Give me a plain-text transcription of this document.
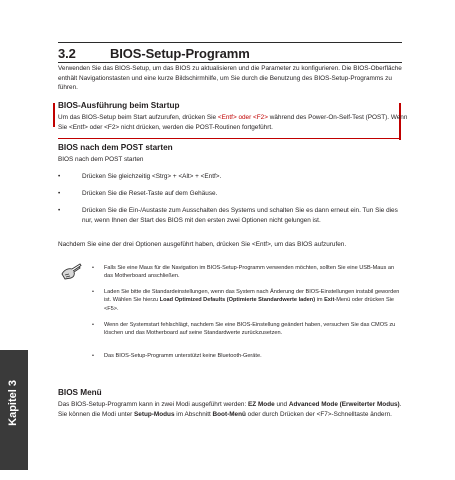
3.2	BIOS-Setup-Programm
Verwenden Sie das BIOS-Setup, um das BIOS zu aktualisieren und die Parameter zu konfigurieren. Die BIOS-Oberfläche enthält Navigationstasten und eine kurze Bildschirmhilfe, um Sie durch die Benutzung des BIOS-Setup-Programms zu führen.
BIOS-Ausführung beim Startup
Um das BIOS-Setup beim Start aufzurufen, drücken Sie <Entf> oder <F2> während des Power-On-Self-Test (POST). Wenn Sie <Entf> oder <F2> nicht drücken, werden die POST-Routinen fortgeführt.
BIOS nach dem POST starten
BIOS nach dem POST starten
•	Drücken Sie gleichzeitig <Strg> + <Alt> + <Entf>.
•	Drücken Sie die Reset-Taste auf dem Gehäuse.
•	Drücken Sie die Ein-/Austaste zum Ausschalten des Systems und schalten Sie es dann erneut ein. Tun Sie dies nur, wenn Ihnen der Start des BIOS mit den ersten zwei Optionen nicht gelungen ist.
Nachdem Sie eine der drei Optionen ausgeführt haben, drücken Sie <Entf>, um das BIOS aufzurufen.
• Falls Sie eine Maus für die Navigation im BIOS-Setup-Programm verwenden möchten, sollten Sie eine USB-Maus an das Motherboard anschließen.
• Laden Sie bitte die Standardeinstellungen, wenn das System nach Änderung der BIOS-Einstellungen instabil geworden ist. Wählen Sie hierzu Load Optimized Defaults (Optimierte Standardwerte laden) im Exit-Menü oder drücken Sie <F5>.
• Wenn der Systemstart fehlschlägt, nachdem Sie eine BIOS-Einstellung geändert haben, versuchen Sie das CMOS zu löschen und das Motherboard auf seine Standardwerte zurückzusetzen.
• Das BIOS-Setup-Programm unterstützt keine Bluetooth-Geräte.
BIOS Menü
Das BIOS-Setup-Programm kann in zwei Modi ausgeführt werden: EZ Mode und Advanced Mode (Erweiterter Modus). Sie können die Modi unter Setup-Modus im Abschnitt Boot-Menü oder durch Drücken der <F7>-Schnelltaste ändern.
Kapitel 3
